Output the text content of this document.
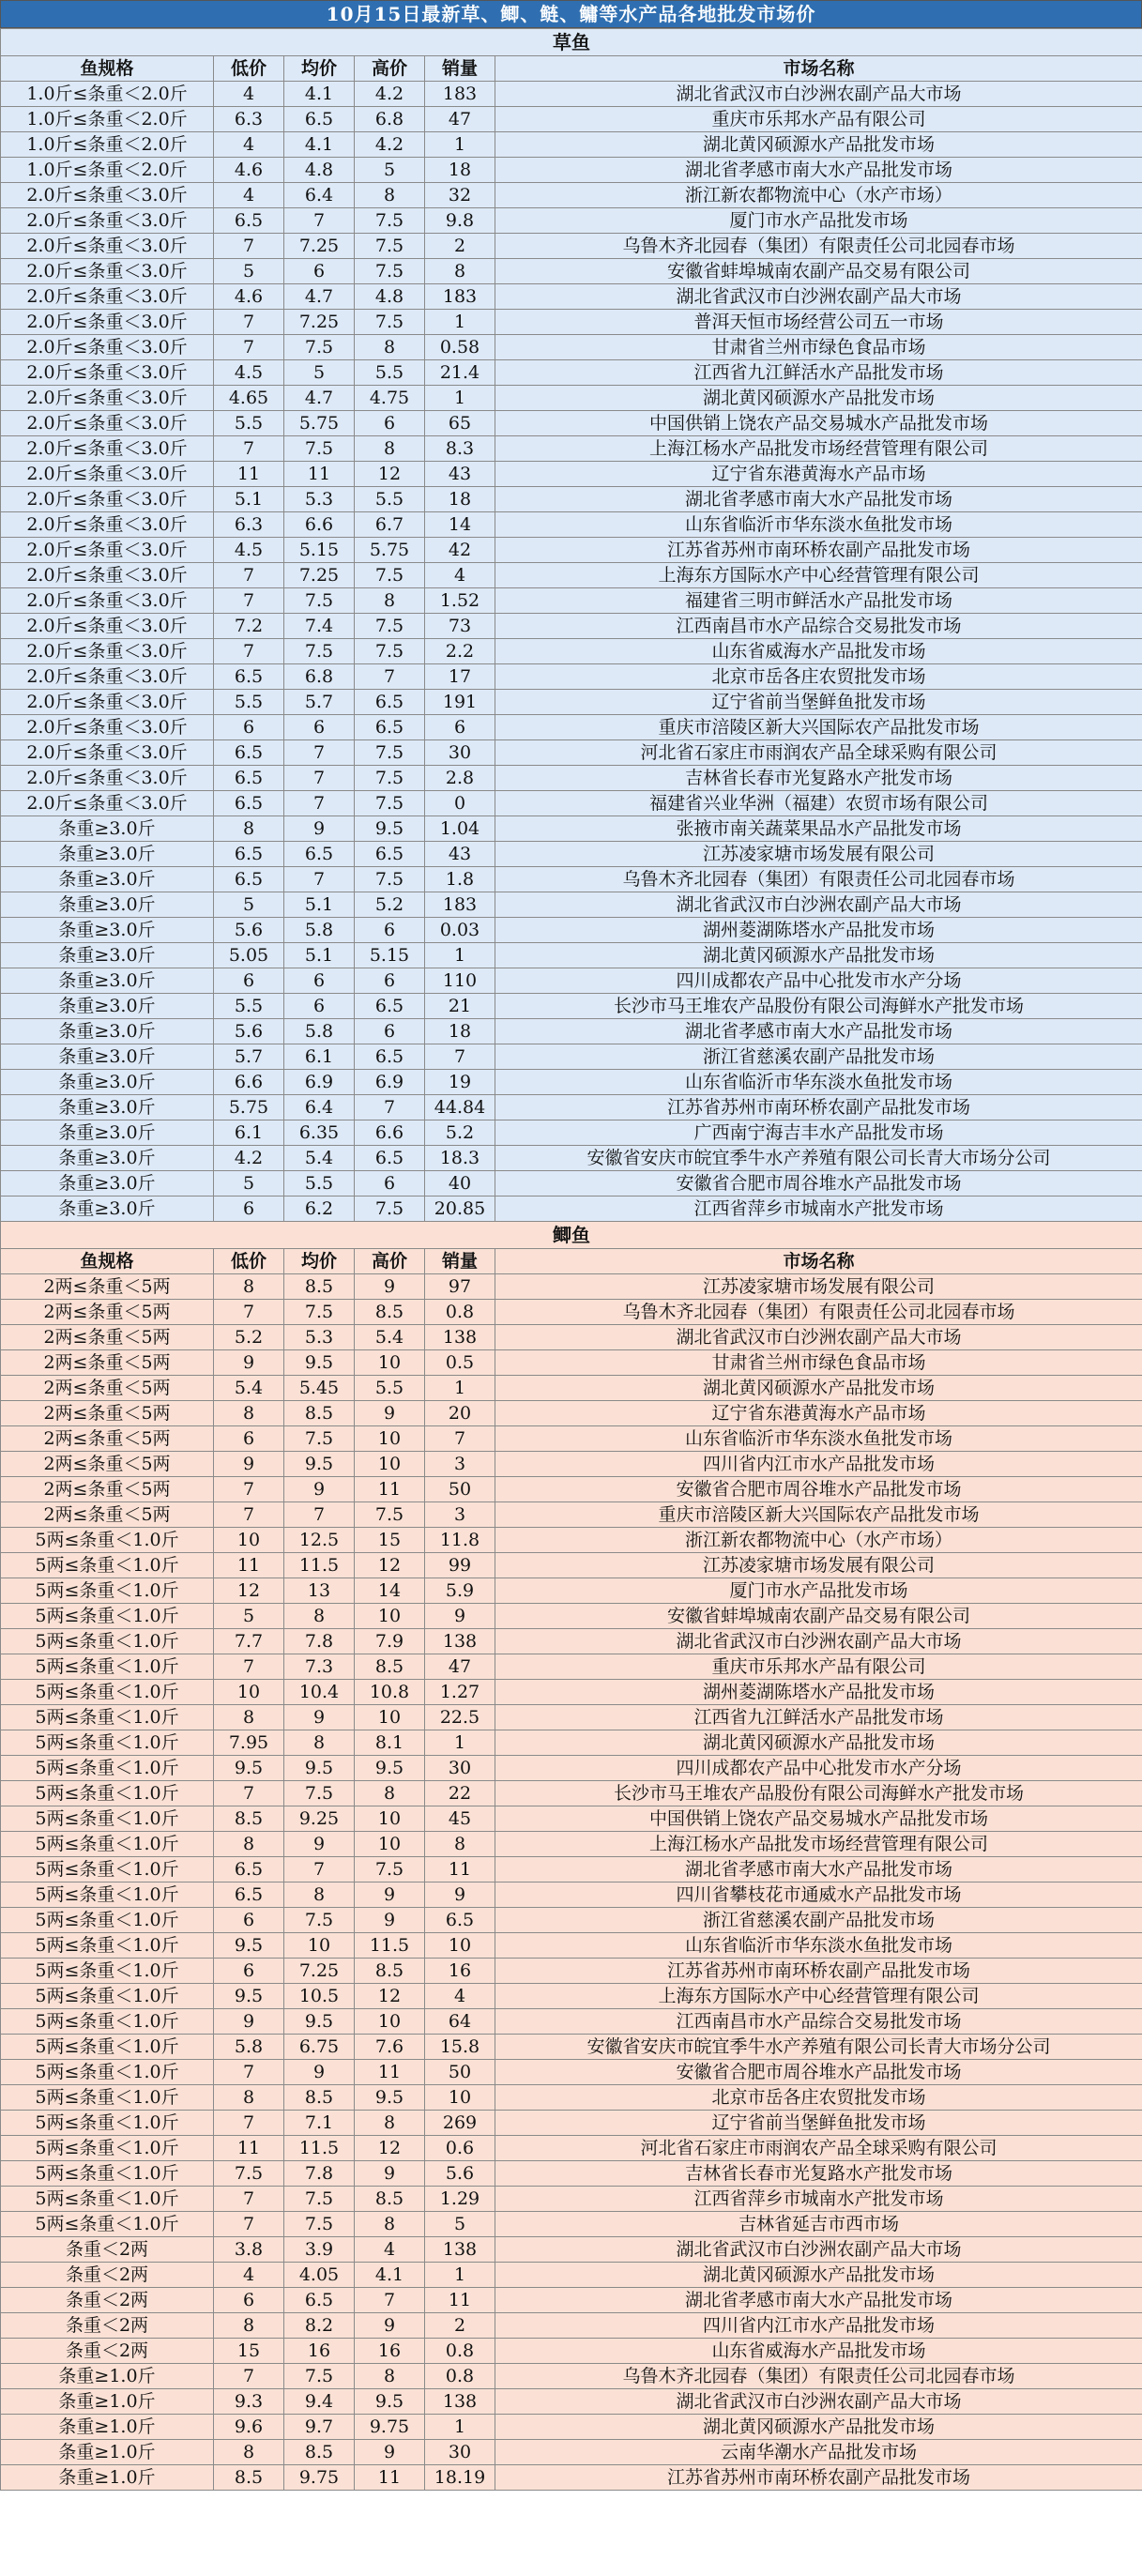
10月15日最新草、鲫、鲢、鳙等水产品各地批发市场价
草鱼					
鱼规格	低价	均价	高价	销量	市场名称
1.0斤≤条重＜2.0斤	4	4.1	4.2	183	湖北省武汉市白沙洲农副产品大市场
1.0斤≤条重＜2.0斤	6.3	6.5	6.8	47	重庆市乐邦水产品有限公司
1.0斤≤条重＜2.0斤	4	4.1	4.2	1	湖北黄冈硕源水产品批发市场
1.0斤≤条重＜2.0斤	4.6	4.8	5	18	湖北省孝感市南大水产品批发市场
2.0斤≤条重＜3.0斤	4	6.4	8	32	浙江新农都物流中心（水产市场）
2.0斤≤条重＜3.0斤	6.5	7	7.5	9.8	厦门市水产品批发市场
2.0斤≤条重＜3.0斤	7	7.25	7.5	2	乌鲁木齐北园春（集团）有限责任公司北园春市场
2.0斤≤条重＜3.0斤	5	6	7.5	8	安徽省蚌埠城南农副产品交易有限公司
2.0斤≤条重＜3.0斤	4.6	4.7	4.8	183	湖北省武汉市白沙洲农副产品大市场
2.0斤≤条重＜3.0斤	7	7.25	7.5	1	普洱天恒市场经营公司五一市场
2.0斤≤条重＜3.0斤	7	7.5	8	0.58	甘肃省兰州市绿色食品市场
2.0斤≤条重＜3.0斤	4.5	5	5.5	21.4	江西省九江鲜活水产品批发市场
2.0斤≤条重＜3.0斤	4.65	4.7	4.75	1	湖北黄冈硕源水产品批发市场
2.0斤≤条重＜3.0斤	5.5	5.75	6	65	中国供销上饶农产品交易城水产品批发市场
2.0斤≤条重＜3.0斤	7	7.5	8	8.3	上海江杨水产品批发市场经营管理有限公司
2.0斤≤条重＜3.0斤	11	11	12	43	辽宁省东港黄海水产品市场
2.0斤≤条重＜3.0斤	5.1	5.3	5.5	18	湖北省孝感市南大水产品批发市场
2.0斤≤条重＜3.0斤	6.3	6.6	6.7	14	山东省临沂市华东淡水鱼批发市场
2.0斤≤条重＜3.0斤	4.5	5.15	5.75	42	江苏省苏州市南环桥农副产品批发市场
2.0斤≤条重＜3.0斤	7	7.25	7.5	4	上海东方国际水产中心经营管理有限公司
2.0斤≤条重＜3.0斤	7	7.5	8	1.52	福建省三明市鲜活水产品批发市场
2.0斤≤条重＜3.0斤	7.2	7.4	7.5	73	江西南昌市水产品综合交易批发市场
2.0斤≤条重＜3.0斤	7	7.5	7.5	2.2	山东省威海水产品批发市场
2.0斤≤条重＜3.0斤	6.5	6.8	7	17	北京市岳各庄农贸批发市场
2.0斤≤条重＜3.0斤	5.5	5.7	6.5	191	辽宁省前当堡鲜鱼批发市场
2.0斤≤条重＜3.0斤	6	6	6.5	6	重庆市涪陵区新大兴国际农产品批发市场
2.0斤≤条重＜3.0斤	6.5	7	7.5	30	河北省石家庄市雨润农产品全球采购有限公司
2.0斤≤条重＜3.0斤	6.5	7	7.5	2.8	吉林省长春市光复路水产批发市场
2.0斤≤条重＜3.0斤	6.5	7	7.5	0	福建省兴业华洲（福建）农贸市场有限公司
条重≥3.0斤	8	9	9.5	1.04	张掖市南关蔬菜果品水产品批发市场
条重≥3.0斤	6.5	6.5	6.5	43	江苏凌家塘市场发展有限公司
条重≥3.0斤	6.5	7	7.5	1.8	乌鲁木齐北园春（集团）有限责任公司北园春市场
条重≥3.0斤	5	5.1	5.2	183	湖北省武汉市白沙洲农副产品大市场
条重≥3.0斤	5.6	5.8	6	0.03	湖州菱湖陈塔水产品批发市场
条重≥3.0斤	5.05	5.1	5.15	1	湖北黄冈硕源水产品批发市场
条重≥3.0斤	6	6	6	110	四川成都农产品中心批发市水产分场
条重≥3.0斤	5.5	6	6.5	21	长沙市马王堆农产品股份有限公司海鲜水产批发市场
条重≥3.0斤	5.6	5.8	6	18	湖北省孝感市南大水产品批发市场
条重≥3.0斤	5.7	6.1	6.5	7	浙江省慈溪农副产品批发市场
条重≥3.0斤	6.6	6.9	6.9	19	山东省临沂市华东淡水鱼批发市场
条重≥3.0斤	5.75	6.4	7	44.84	江苏省苏州市南环桥农副产品批发市场
条重≥3.0斤	6.1	6.35	6.6	5.2	广西南宁海吉丰水产品批发市场
条重≥3.0斤	4.2	5.4	6.5	18.3	安徽省安庆市皖宜季牛水产养殖有限公司长青大市场分公司
条重≥3.0斤	5	5.5	6	40	安徽省合肥市周谷堆水产品批发市场
条重≥3.0斤	6	6.2	7.5	20.85	江西省萍乡市城南水产批发市场
鲫鱼					
鱼规格	低价	均价	高价	销量	市场名称
2两≤条重＜5两	8	8.5	9	97	江苏凌家塘市场发展有限公司
2两≤条重＜5两	7	7.5	8.5	0.8	乌鲁木齐北园春（集团）有限责任公司北园春市场
2两≤条重＜5两	5.2	5.3	5.4	138	湖北省武汉市白沙洲农副产品大市场
2两≤条重＜5两	9	9.5	10	0.5	甘肃省兰州市绿色食品市场
2两≤条重＜5两	5.4	5.45	5.5	1	湖北黄冈硕源水产品批发市场
2两≤条重＜5两	8	8.5	9	20	辽宁省东港黄海水产品市场
2两≤条重＜5两	6	7.5	10	7	山东省临沂市华东淡水鱼批发市场
2两≤条重＜5两	9	9.5	10	3	四川省内江市水产品批发市场
2两≤条重＜5两	7	9	11	50	安徽省合肥市周谷堆水产品批发市场
2两≤条重＜5两	7	7	7.5	3	重庆市涪陵区新大兴国际农产品批发市场
5两≤条重＜1.0斤	10	12.5	15	11.8	浙江新农都物流中心（水产市场）
5两≤条重＜1.0斤	11	11.5	12	99	江苏凌家塘市场发展有限公司
5两≤条重＜1.0斤	12	13	14	5.9	厦门市水产品批发市场
5两≤条重＜1.0斤	5	8	10	9	安徽省蚌埠城南农副产品交易有限公司
5两≤条重＜1.0斤	7.7	7.8	7.9	138	湖北省武汉市白沙洲农副产品大市场
5两≤条重＜1.0斤	7	7.3	8.5	47	重庆市乐邦水产品有限公司
5两≤条重＜1.0斤	10	10.4	10.8	1.27	湖州菱湖陈塔水产品批发市场
5两≤条重＜1.0斤	8	9	10	22.5	江西省九江鲜活水产品批发市场
5两≤条重＜1.0斤	7.95	8	8.1	1	湖北黄冈硕源水产品批发市场
5两≤条重＜1.0斤	9.5	9.5	9.5	30	四川成都农产品中心批发市水产分场
5两≤条重＜1.0斤	7	7.5	8	22	长沙市马王堆农产品股份有限公司海鲜水产批发市场
5两≤条重＜1.0斤	8.5	9.25	10	45	中国供销上饶农产品交易城水产品批发市场
5两≤条重＜1.0斤	8	9	10	8	上海江杨水产品批发市场经营管理有限公司
5两≤条重＜1.0斤	6.5	7	7.5	11	湖北省孝感市南大水产品批发市场
5两≤条重＜1.0斤	6.5	8	9	9	四川省攀枝花市通威水产品批发市场
5两≤条重＜1.0斤	6	7.5	9	6.5	浙江省慈溪农副产品批发市场
5两≤条重＜1.0斤	9.5	10	11.5	10	山东省临沂市华东淡水鱼批发市场
5两≤条重＜1.0斤	6	7.25	8.5	16	江苏省苏州市南环桥农副产品批发市场
5两≤条重＜1.0斤	9.5	10.5	12	4	上海东方国际水产中心经营管理有限公司
5两≤条重＜1.0斤	9	9.5	10	64	江西南昌市水产品综合交易批发市场
5两≤条重＜1.0斤	5.8	6.75	7.6	15.8	安徽省安庆市皖宜季牛水产养殖有限公司长青大市场分公司
5两≤条重＜1.0斤	7	9	11	50	安徽省合肥市周谷堆水产品批发市场
5两≤条重＜1.0斤	8	8.5	9.5	10	北京市岳各庄农贸批发市场
5两≤条重＜1.0斤	7	7.1	8	269	辽宁省前当堡鲜鱼批发市场
5两≤条重＜1.0斤	11	11.5	12	0.6	河北省石家庄市雨润农产品全球采购有限公司
5两≤条重＜1.0斤	7.5	7.8	9	5.6	吉林省长春市光复路水产批发市场
5两≤条重＜1.0斤	7	7.5	8.5	1.29	江西省萍乡市城南水产批发市场
5两≤条重＜1.0斤	7	7.5	8	5	吉林省延吉市西市场
条重＜2两	3.8	3.9	4	138	湖北省武汉市白沙洲农副产品大市场
条重＜2两	4	4.05	4.1	1	湖北黄冈硕源水产品批发市场
条重＜2两	6	6.5	7	11	湖北省孝感市南大水产品批发市场
条重＜2两	8	8.2	9	2	四川省内江市水产品批发市场
条重＜2两	15	16	16	0.8	山东省威海水产品批发市场
条重≥1.0斤	7	7.5	8	0.8	乌鲁木齐北园春（集团）有限责任公司北园春市场
条重≥1.0斤	9.3	9.4	9.5	138	湖北省武汉市白沙洲农副产品大市场
条重≥1.0斤	9.6	9.7	9.75	1	湖北黄冈硕源水产品批发市场
条重≥1.0斤	8	8.5	9	30	云南华潮水产品批发市场
条重≥1.0斤	8.5	9.75	11	18.19	江苏省苏州市南环桥农副产品批发市场
